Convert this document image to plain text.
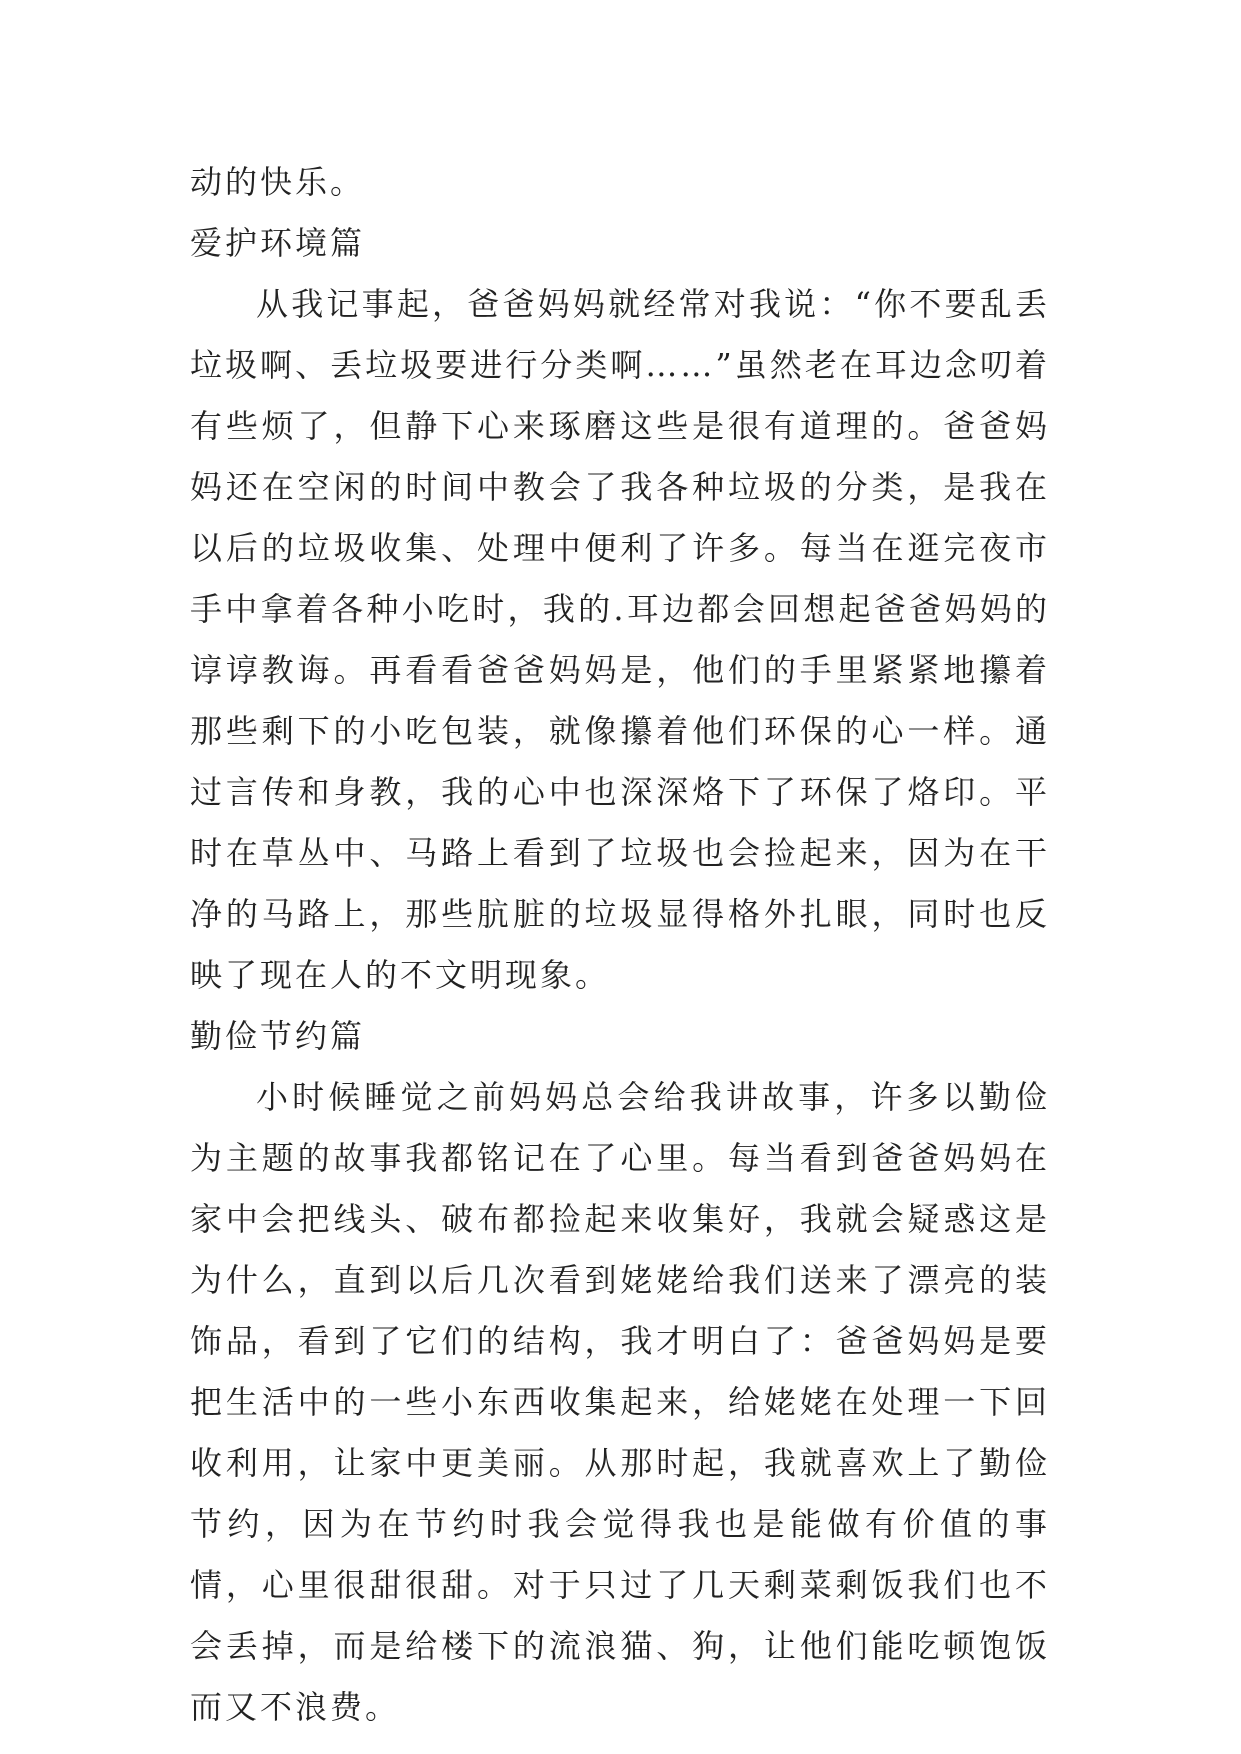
动的快乐。

爱护环境篇

从我记事起，爸爸妈妈就经常对我说：“你不要乱丢垃圾啊、丢垃圾要进行分类啊……”虽然老在耳边念叨着有些烦了，但静下心来琢磨这些是很有道理的。爸爸妈妈还在空闲的时间中教会了我各种垃圾的分类，是我在以后的垃圾收集、处理中便利了许多。每当在逛完夜市手中拿着各种小吃时，我的.耳边都会回想起爸爸妈妈的谆谆教诲。再看看爸爸妈妈是，他们的手里紧紧地攥着那些剩下的小吃包装，就像攥着他们环保的心一样。通过言传和身教，我的心中也深深烙下了环保了烙印。平时在草丛中、马路上看到了垃圾也会捡起来，因为在干净的马路上，那些肮脏的垃圾显得格外扎眼，同时也反映了现在人的不文明现象。

勤俭节约篇

小时候睡觉之前妈妈总会给我讲故事，许多以勤俭为主题的故事我都铭记在了心里。每当看到爸爸妈妈在家中会把线头、破布都捡起来收集好，我就会疑惑这是为什么，直到以后几次看到姥姥给我们送来了漂亮的装饰品，看到了它们的结构，我才明白了：爸爸妈妈是要把生活中的一些小东西收集起来，给姥姥在处理一下回收利用，让家中更美丽。从那时起，我就喜欢上了勤俭节约，因为在节约时我会觉得我也是能做有价值的事情，心里很甜很甜。对于只过了几天剩菜剩饭我们也不会丢掉，而是给楼下的流浪猫、狗，让他们能吃顿饱饭而又不浪费。
